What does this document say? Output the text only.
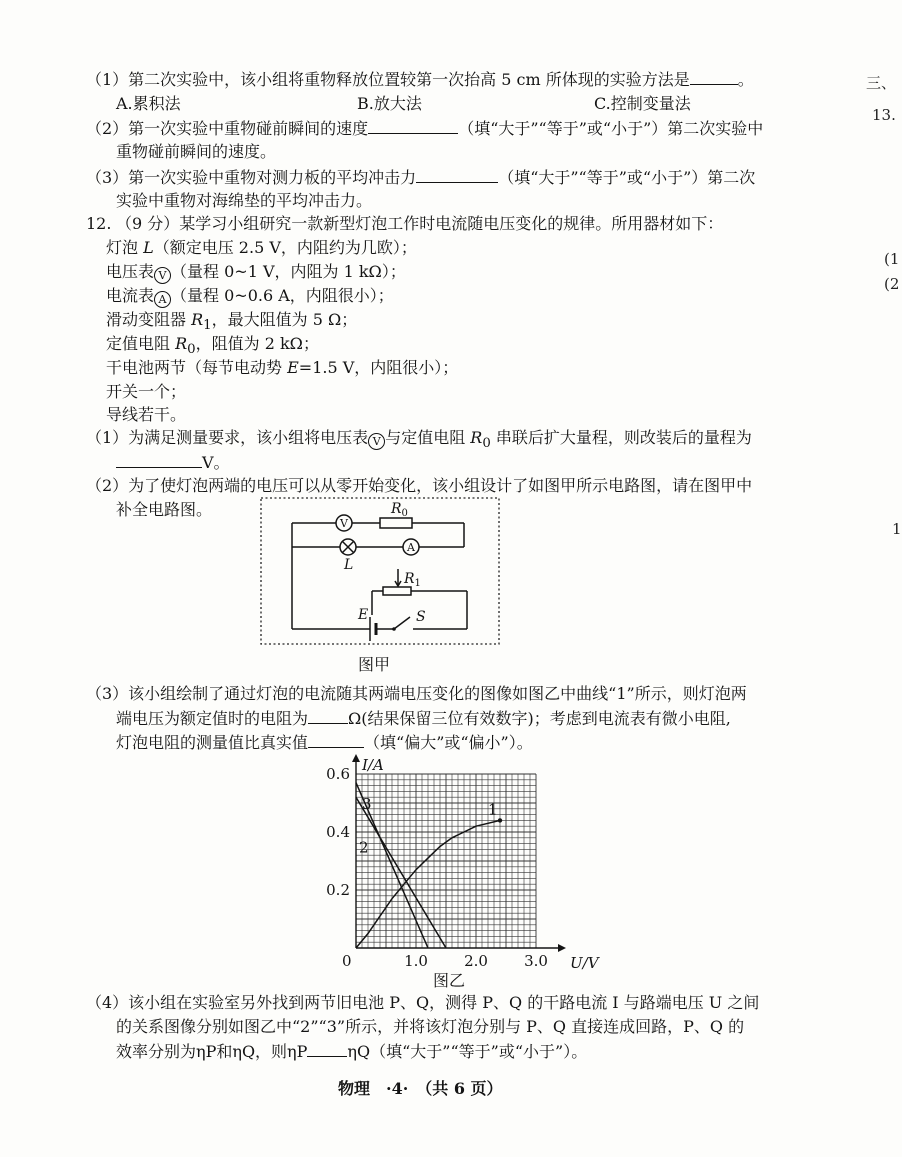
（1）第二次实验中，该小组将重物释放位置较第一次抬高 5 cm 所体现的实验方法是	。
A.累积法	B.放大法	C.控制变量法
（2）第一次实验中重物碰前瞬间的速度	（填“大于”“等于”或“小于”）第二次实验中
重物碰前瞬间的速度。
（3）第一次实验中重物对测力板的平均冲击力	（填“大于”“等于”或“小于”）第二次
实验中重物对海绵垫的平均冲击力。
12. （9 分）某学习小组研究一款新型灯泡工作时电流随电压变化的规律。所用器材如下：
灯泡 L（额定电压 2.5 V，内阻约为几欧）；
电压表 V （量程 0~1 V，内阻为 1 kΩ）；
电流表 A （量程 0~0.6 A，内阻很小）；
滑动变阻器 $R_1$，最大阻值为 5 Ω；
定值电阻 $R_0$，阻值为 2 kΩ；
干电池两节（每节电动势 E=1.5 V，内阻很小）；
开关一个；
导线若干。
（1）为满足测量要求，该小组将电压表 V 与定值电阻 $R_0$ 串联后扩大量程，则改装后的量程为
V。
（2）为了使灯泡两端的电压可以从零开始变化，该小组设计了如图甲所示电路图，请在图甲中
补全电路图。
V
A
$R_0$
L
$R_1$
E	S
图甲
（3）该小组绘制了通过灯泡的电流随其两端电压变化的图像如图乙中曲线“1”所示，则灯泡两
端电压为额定值时的电阻为	Ω(结果保留三位有效数字)；考虑到电流表有微小电阻,
灯泡电阻的测量值比真实值	（填“偏大”或“偏小”）。
U/V
I/A
0	1.0 2.0 3.0
0.2
0.4
0.6
1
2
3
图乙
（4）该小组在实验室另外找到两节旧电池 P、Q，测得 P、Q 的干路电流 I 与路端电压 U 之间
的关系图像分别如图乙中“2”“3”所示，并将该灯泡分别与 P、Q 直接连成回路，P、Q 的
效率分别为ηP和ηQ，则ηP	ηQ（填“大于”“等于”或“小于”）。
物理　·4·　（共 6 页）
三、
13.
(1
(2
1
